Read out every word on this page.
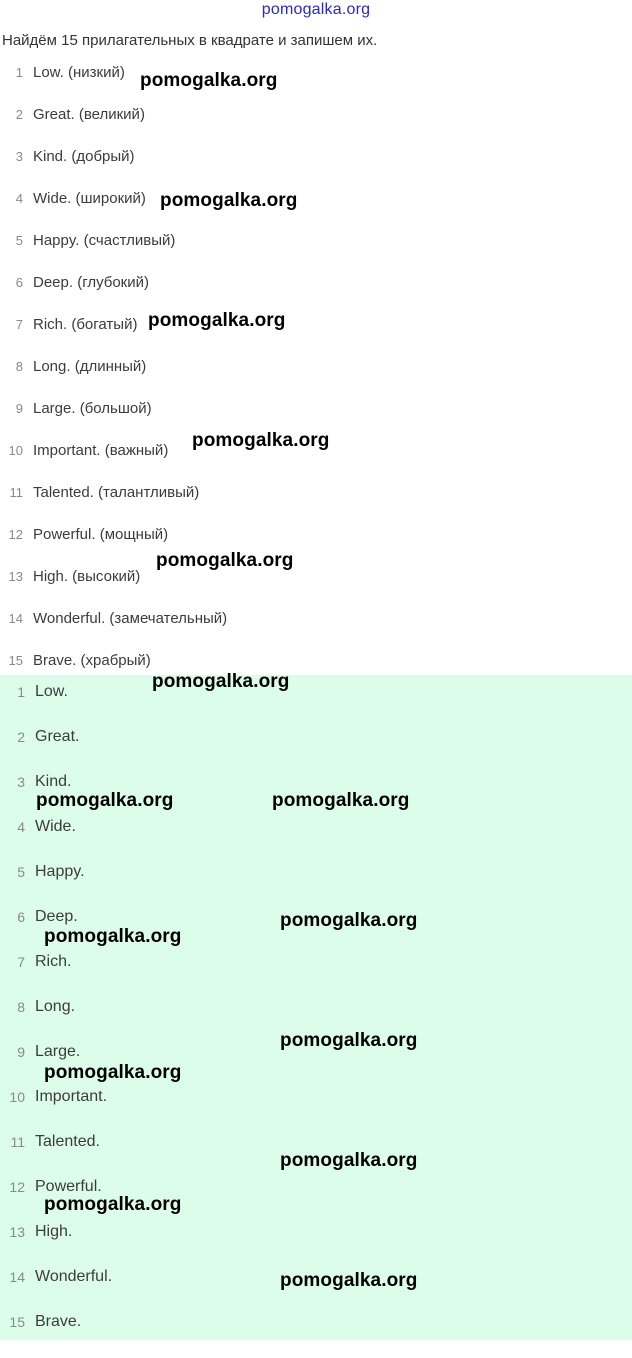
pomogalka.org
Найдём 15 прилагательных в квадрате и запишем их.
1 Low. (низкий)
2 Great. (великий)
3 Kind. (добрый)
4 Wide. (широкий)
5 Happy. (счастливый)
6 Deep. (глубокий)
7 Rich. (богатый)
8 Long. (длинный)
9 Large. (большой)
10 Important. (важный)
11 Talented. (талантливый)
12 Powerful. (мощный)
13 High. (высокий)
14 Wonderful. (замечательный)
15 Brave. (храбрый)
1 Low.
2 Great.
3 Kind.
4 Wide.
5 Happy.
6 Deep.
7 Rich.
8 Long.
9 Large.
10 Important.
11 Talented.
12 Powerful.
13 High.
14 Wonderful.
15 Brave.
pomogalka.org
pomogalka.org
pomogalka.org
pomogalka.org
pomogalka.org
pomogalka.org
pomogalka.org	pomogalka.org
pomogalka.org
pomogalka.org
pomogalka.org
pomogalka.org
pomogalka.org
pomogalka.org
pomogalka.org
